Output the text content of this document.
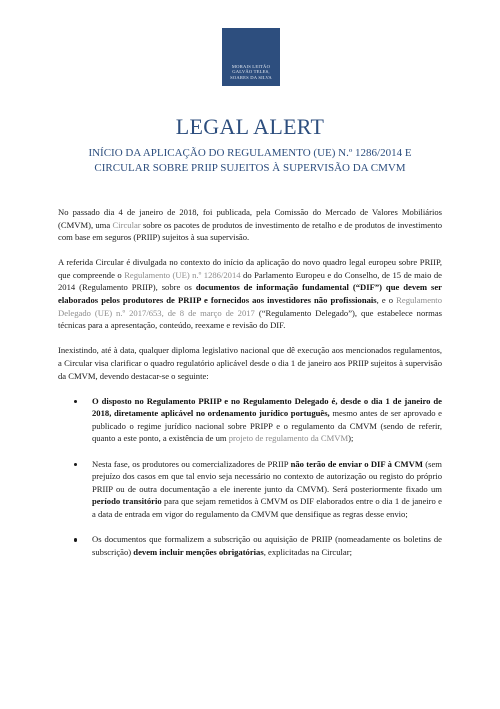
MORAIS LEITÃO
GALVÃO TELES,
SOARES DA SILVA
LEGAL ALERT
INÍCIO DA APLICAÇÃO DO REGULAMENTO (UE) N.º 1286/2014 E
CIRCULAR SOBRE PRIIP SUJEITOS À SUPERVISÃO DA CMVM

No passado dia 4 de janeiro de 2018, foi publicada, pela Comissão do Mercado de Valores Mobiliários (CMVM), uma Circular sobre os pacotes de produtos de investimento de retalho e de produtos de investimento com base em seguros (PRIIP) sujeitos à sua supervisão.

A referida Circular é divulgada no contexto do início da aplicação do novo quadro legal europeu sobre PRIIP, que compreende o Regulamento (UE) n.º 1286/2014 do Parlamento Europeu e do Conselho, de 15 de maio de 2014 (Regulamento PRIIP), sobre os documentos de informação fundamental (“DIF”) que devem ser elaborados pelos produtores de PRIIP e fornecidos aos investidores não profissionais, e o Regulamento Delegado (UE) n.º 2017/653, de 8 de março de 2017 (“Regulamento Delegado”), que estabelece normas técnicas para a apresentação, conteúdo, reexame e revisão do DIF.

Inexistindo, até à data, qualquer diploma legislativo nacional que dê execução aos mencionados regulamentos, a Circular visa clarificar o quadro regulatório aplicável desde o dia 1 de janeiro aos PRIIP sujeitos à supervisão da CMVM, devendo destacar-se o seguinte:

O disposto no Regulamento PRIIP e no Regulamento Delegado é, desde o dia 1 de janeiro de 2018, diretamente aplicável no ordenamento jurídico português, mesmo antes de ser aprovado e publicado o regime jurídico nacional sobre PRIPP e o regulamento da CMVM (sendo de referir, quanto a este ponto, a existência de um projeto de regulamento da CMVM);
Nesta fase, os produtores ou comercializadores de PRIIP não terão de enviar o DIF à CMVM (sem prejuízo dos casos em que tal envio seja necessário no contexto de autorização ou registo do próprio PRIIP ou de outra documentação a ele inerente junto da CMVM). Será posteriormente fixado um período transitório para que sejam remetidos à CMVM os DIF elaborados entre o dia 1 de janeiro e a data de entrada em vigor do regulamento da CMVM que densifique as regras desse envio;
Os documentos que formalizem a subscrição ou aquisição de PRIIP (nomeadamente os boletins de subscrição) devem incluir menções obrigatórias, explicitadas na Circular;
